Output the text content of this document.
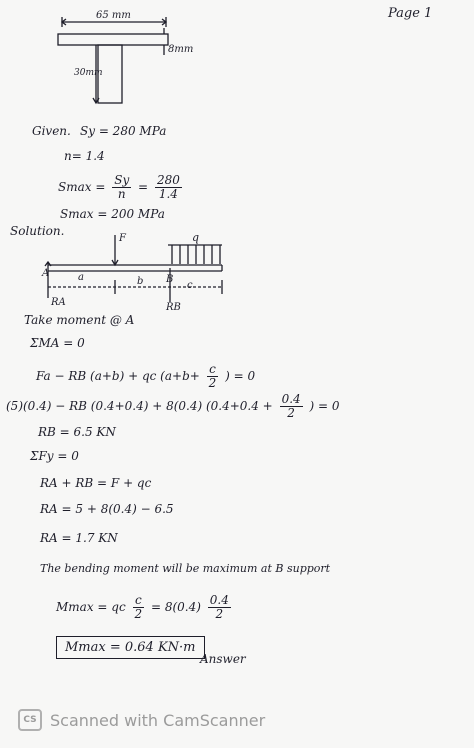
Page 1
65 mm
8mm
30mm
Given. Sy = 280 MPa
n= 1.4
$Smax = \frac{Sy}{n} = \frac{280}{1.4}$
Smax = 200 MPa
Solution.
F	q
A
B
a	b	c
RA	RB
Take moment @ A
ΣMA = 0
Fa − RB (a+b) + qc ($a+b+ \frac{c}{2}$ ) = 0
(5)(0.4) − RB (0.4+0.4) + 8(0.4) ($0.4+0.4 + \frac{0.4}{2}$ ) = 0
RB = 6.5 KN
ΣFy = 0
RA + RB = F + qc
RA = 5 + 8(0.4) − 6.5
RA = 1.7 KN
The bending moment will be maximum at B support
Mmax = qc $\frac{c}{2} = 8(0.4) \frac{0.4}{2}$
Mmax = 0.64 KN·m
Answer
CS Scanned with CamScanner
